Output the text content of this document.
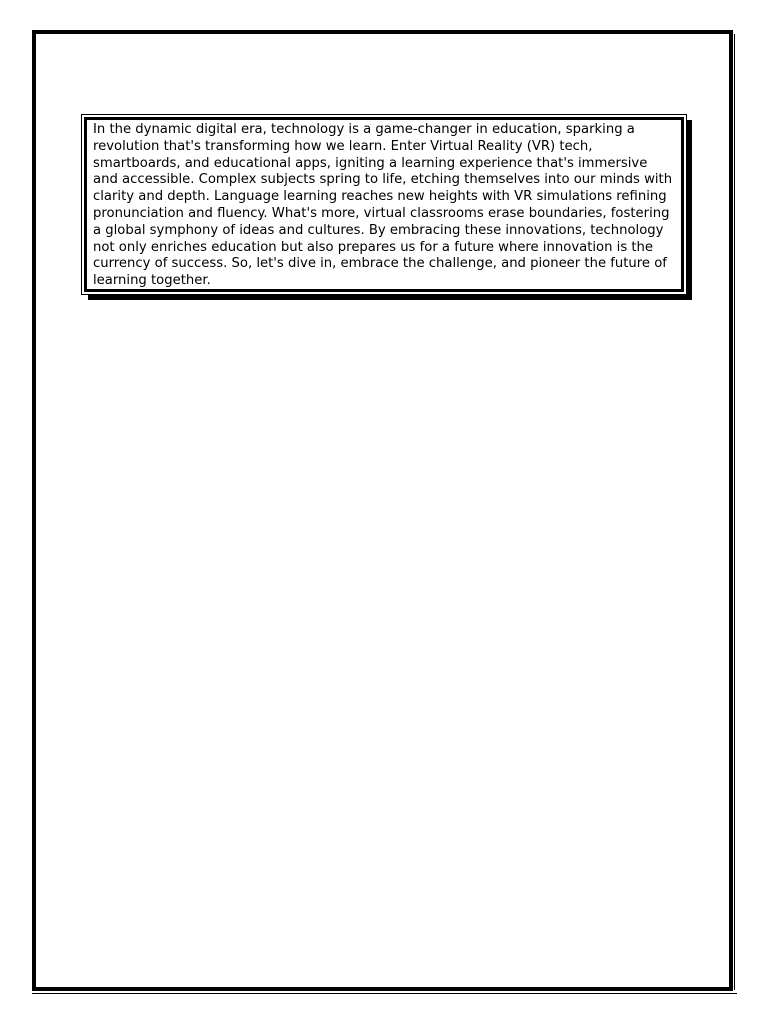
In the dynamic digital era, technology is a game-changer in education, sparking a revolution that's transforming how we learn. Enter Virtual Reality (VR) tech, smartboards, and educational apps, igniting a learning experience that's immersive and accessible. Complex subjects spring to life, etching themselves into our minds with clarity and depth. Language learning reaches new heights with VR simulations refining pronunciation and fluency. What's more, virtual classrooms erase boundaries, fostering a global symphony of ideas and cultures. By embracing these innovations, technology not only enriches education but also prepares us for a future where innovation is the currency of success. So, let's dive in, embrace the challenge, and pioneer the future of learning together.
